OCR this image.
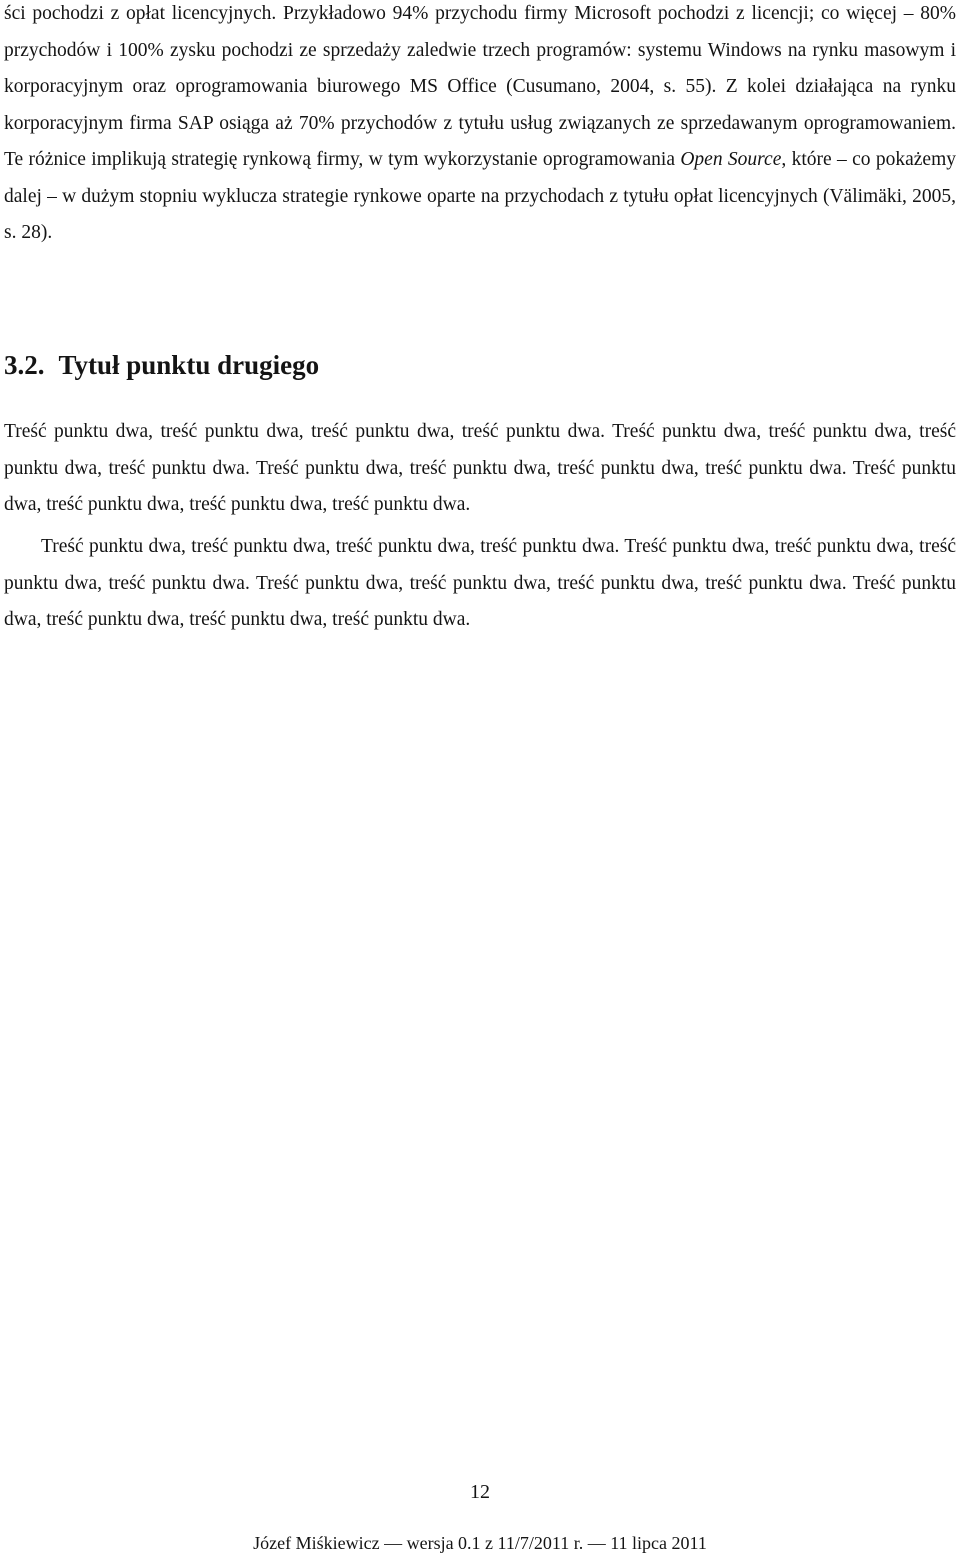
ści pochodzi z opłat licencyjnych. Przykładowo 94% przychodu firmy Microsoft pochodzi z licencji; co więcej – 80% przychodów i 100% zysku pochodzi ze sprzedaży zaledwie trzech programów: systemu Windows na rynku masowym i korporacyjnym oraz oprogramowania biurowego MS Office (Cusumano, 2004, s. 55). Z kolei działająca na rynku korporacyjnym firma SAP osiąga aż 70% przychodów z tytułu usług związanych ze sprzedawanym oprogramowaniem. Te różnice implikują strategię rynkową firmy, w tym wykorzystanie oprogramowania Open Source, które – co pokażemy dalej – w dużym stopniu wyklucza strategie rynkowe oparte na przychodach z tytułu opłat licencyjnych (Välimäki, 2005, s. 28).

3.2. Tytuł punktu drugiego

Treść punktu dwa, treść punktu dwa, treść punktu dwa, treść punktu dwa. Treść punktu dwa, treść punktu dwa, treść punktu dwa, treść punktu dwa. Treść punktu dwa, treść punktu dwa, treść punktu dwa, treść punktu dwa. Treść punktu dwa, treść punktu dwa, treść punktu dwa, treść punktu dwa.

Treść punktu dwa, treść punktu dwa, treść punktu dwa, treść punktu dwa. Treść punktu dwa, treść punktu dwa, treść punktu dwa, treść punktu dwa. Treść punktu dwa, treść punktu dwa, treść punktu dwa, treść punktu dwa. Treść punktu dwa, treść punktu dwa, treść punktu dwa, treść punktu dwa.

12
Józef Miśkiewicz — wersja 0.1 z 11/7/2011 r. — 11 lipca 2011
